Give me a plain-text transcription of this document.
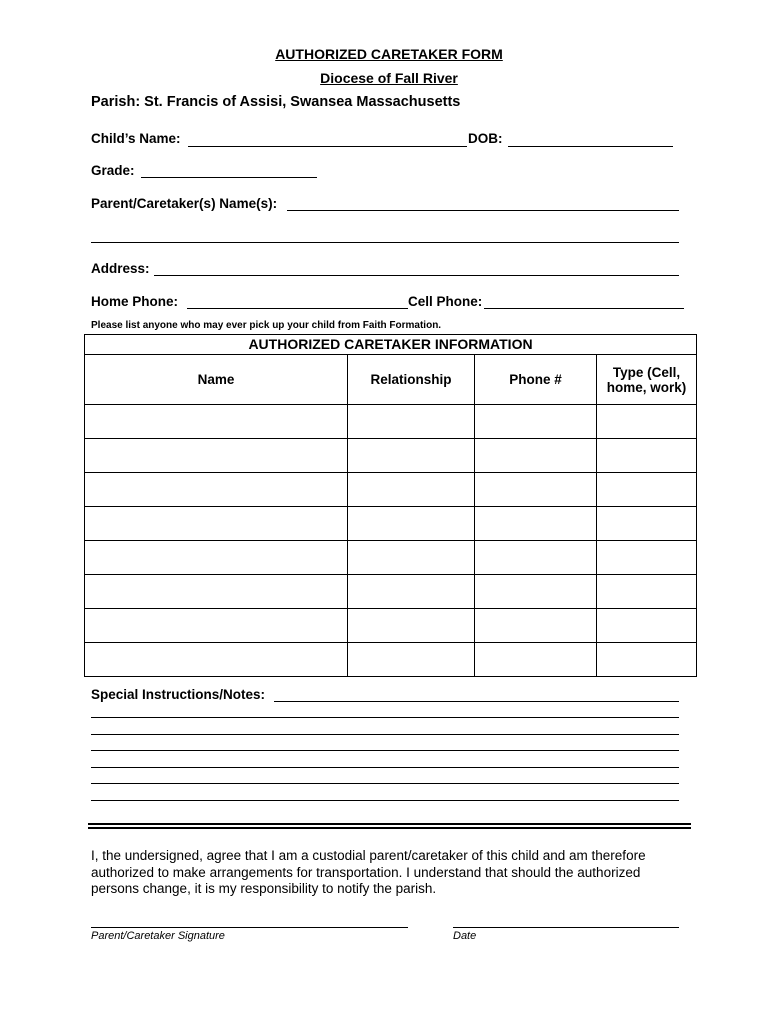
AUTHORIZED CARETAKER FORM
Diocese of Fall River
Parish: St. Francis of Assisi, Swansea Massachusetts
Child’s Name:	DOB:
Grade:
Parent/Caretaker(s) Name(s):
Address:
Home Phone:	Cell Phone:
Please list anyone who may ever pick up your child from Faith Formation.
AUTHORIZED CARETAKER INFORMATION			
Name	Relationship	Phone #	Type (Cell, home, work)

Special Instructions/Notes:
I, the undersigned, agree that I am a custodial parent/caretaker of this child and am therefore authorized to make arrangements for transportation. I understand that should the authorized persons change, it is my responsibility to notify the parish.
Parent/Caretaker Signature	Date
